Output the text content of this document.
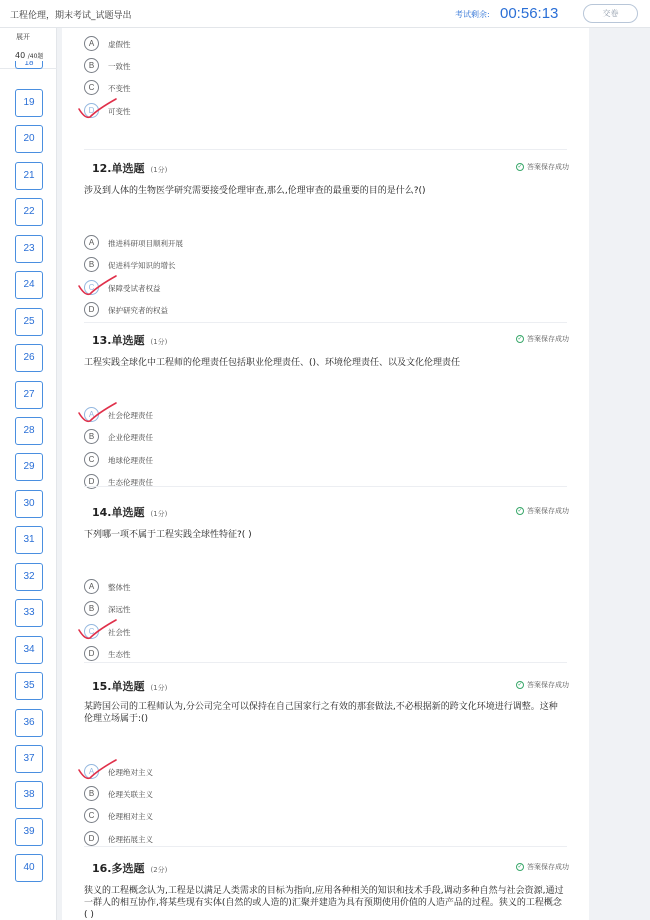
工程伦理，期末考试_试题导出	考试剩余: 00:56:13	交卷
展开
40 /40题
18
19
20
21
22
23
24
25
26
27
28
29
30
31
32
33
34
35
36
37
38
39
40
A	虚假性
B	一致性
C	不变性
D	可变性
12.单选题 (1分)	✓ 答案保存成功
涉及到人体的生物医学研究需要接受伦理审查,那么,伦理审查的最重要的目的是什么?()
A	推进科研项目顺利开展
B	促进科学知识的增长
C	保障受试者权益
D	保护研究者的权益
13.单选题 (1分)	✓ 答案保存成功
工程实践全球化中工程师的伦理责任包括职业伦理责任、()、环境伦理责任、以及文化伦理责任
A	社会伦理责任
B	企业伦理责任
C	地球伦理责任
D	生态伦理责任
14.单选题 (1分)	✓ 答案保存成功
下列哪一项不属于工程实践全球性特征?( )
A	整体性
B	深远性
C	社会性
D	生态性
15.单选题 (1分)	✓ 答案保存成功
某跨国公司的工程师认为,分公司完全可以保持在自己国家行之有效的那套做法,不必根据新的跨文化环境进行调整。这种伦理立场属于:()
A	伦理绝对主义
B	伦理关联主义
C	伦理相对主义
D	伦理拓展主义
16.多选题 (2分)	✓ 答案保存成功
狭义的工程概念认为,工程是以满足人类需求的目标为指向,应用各种相关的知识和技术手段,调动多种自然与社会资源,通过一群人的相互协作,将某些现有实体(自然的或人造的)汇聚并建造为具有预期使用价值的人造产品的过程。狭义的工程概念( )
